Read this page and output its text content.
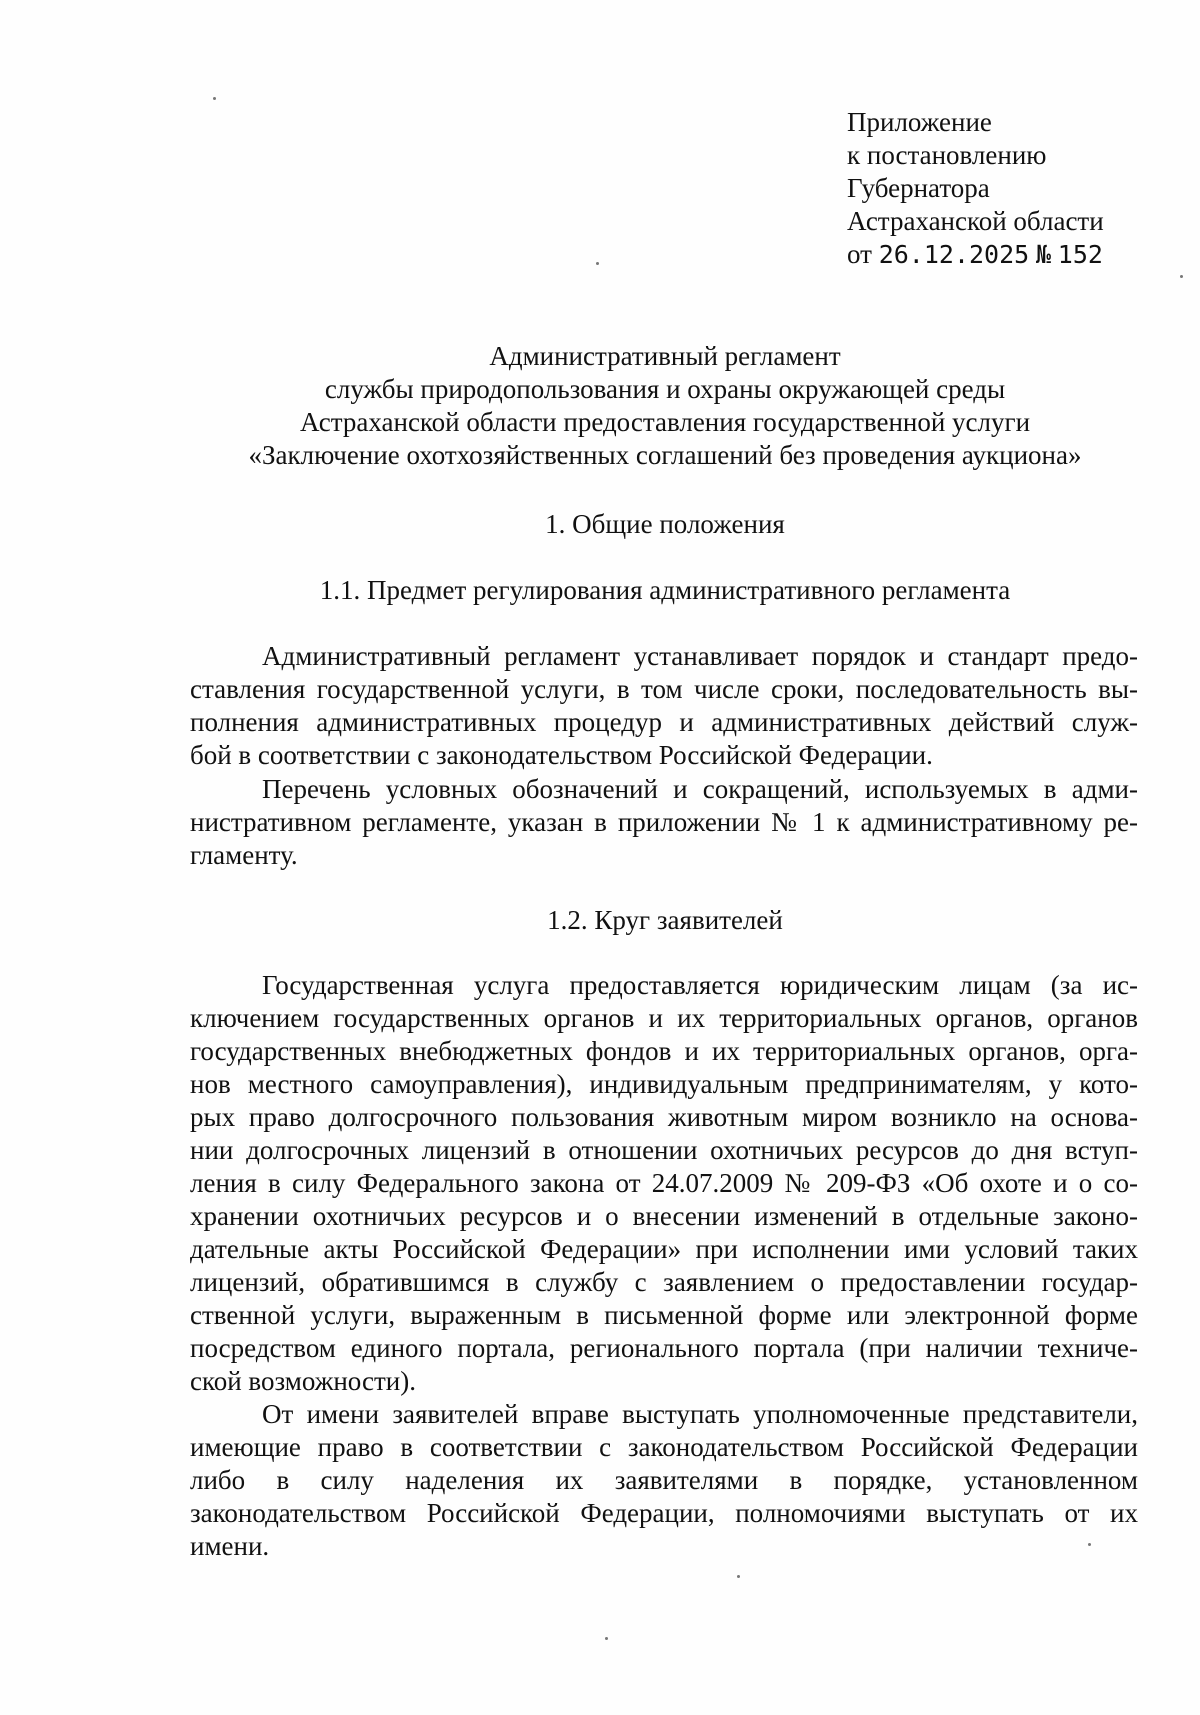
Приложение
к постановлению
Губернатора
Астраханской области
от 26.12.2025 № 152
Административный регламент
службы природопользования и охраны окружающей среды
Астраханской области предоставления государственной услуги
«Заключение охотхозяйственных соглашений без проведения аукциона»
1. Общие положения
1.1. Предмет регулирования административного регламента
Административный регламент устанавливает порядок и стандарт предо-
ставления государственной услуги, в том числе сроки, последовательность вы-
полнения административных процедур и административных действий служ-
бой в соответствии с законодательством Российской Федерации.
Перечень условных обозначений и сокращений, используемых в адми-
нистративном регламенте, указан в приложении № 1 к административному ре-
гламенту.
1.2. Круг заявителей
Государственная услуга предоставляется юридическим лицам (за ис-
ключением государственных органов и их территориальных органов, органов
государственных внебюджетных фондов и их территориальных органов, орга-
нов местного самоуправления), индивидуальным предпринимателям, у кото-
рых право долгосрочного пользования животным миром возникло на основа-
нии долгосрочных лицензий в отношении охотничьих ресурсов до дня вступ-
ления в силу Федерального закона от 24.07.2009 № 209-ФЗ «Об охоте и о со-
хранении охотничьих ресурсов и о внесении изменений в отдельные законо-
дательные акты Российской Федерации» при исполнении ими условий таких
лицензий, обратившимся в службу с заявлением о предоставлении государ-
ственной услуги, выраженным в письменной форме или электронной форме
посредством единого портала, регионального портала (при наличии техниче-
ской возможности).
От имени заявителей вправе выступать уполномоченные представители,
имеющие право в соответствии с законодательством Российской Федерации
либо в силу наделения их заявителями в порядке, установленном
законодательством Российской Федерации, полномочиями выступать от их
имени.
